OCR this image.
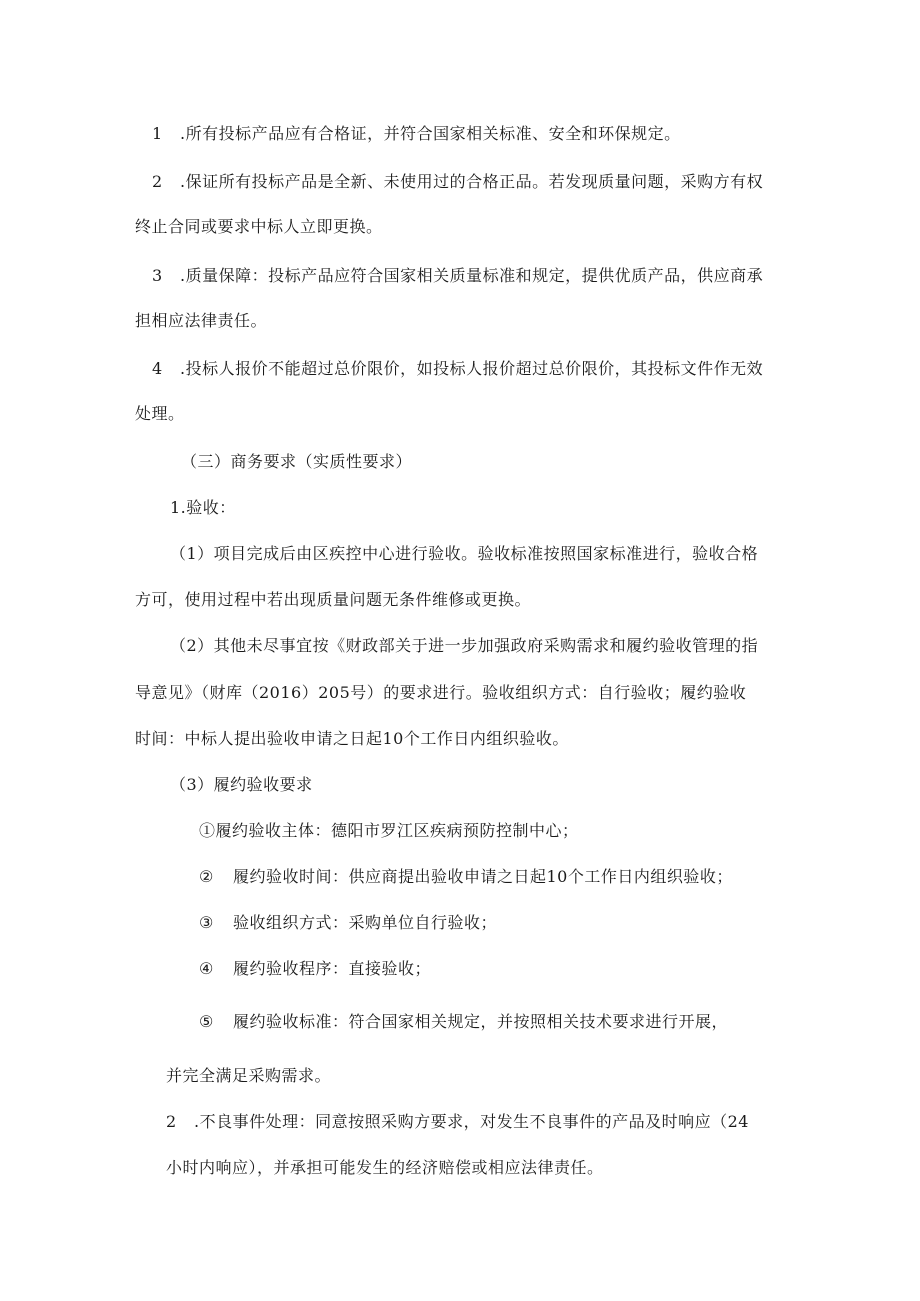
1 .所有投标产品应有合格证，并符合国家相关标准、安全和环保规定。
2 .保证所有投标产品是全新、未使用过的合格正品。若发现质量问题，采购方有权
终止合同或要求中标人立即更换。
3 .质量保障：投标产品应符合国家相关质量标准和规定，提供优质产品，供应商承
担相应法律责任。
4 .投标人报价不能超过总价限价，如投标人报价超过总价限价，其投标文件作无效
处理。
（三）商务要求（实质性要求）
1.验收：
（1）项目完成后由区疾控中心进行验收。验收标准按照国家标准进行，验收合格
方可，使用过程中若出现质量问题无条件维修或更换。
（2）其他未尽事宜按《财政部关于进一步加强政府采购需求和履约验收管理的指
导意见》（财库（2016）205号）的要求进行。验收组织方式：自行验收；履约验收
时间：中标人提出验收申请之日起10个工作日内组织验收。
（3）履约验收要求
①履约验收主体：德阳市罗江区疾病预防控制中心；
② 履约验收时间：供应商提出验收申请之日起10个工作日内组织验收；
③ 验收组织方式：采购单位自行验收；
④ 履约验收程序：直接验收；
⑤ 履约验收标准：符合国家相关规定，并按照相关技术要求进行开展，
并完全满足采购需求。
2 .不良事件处理：同意按照采购方要求，对发生不良事件的产品及时响应（24
小时内响应），并承担可能发生的经济赔偿或相应法律责任。
